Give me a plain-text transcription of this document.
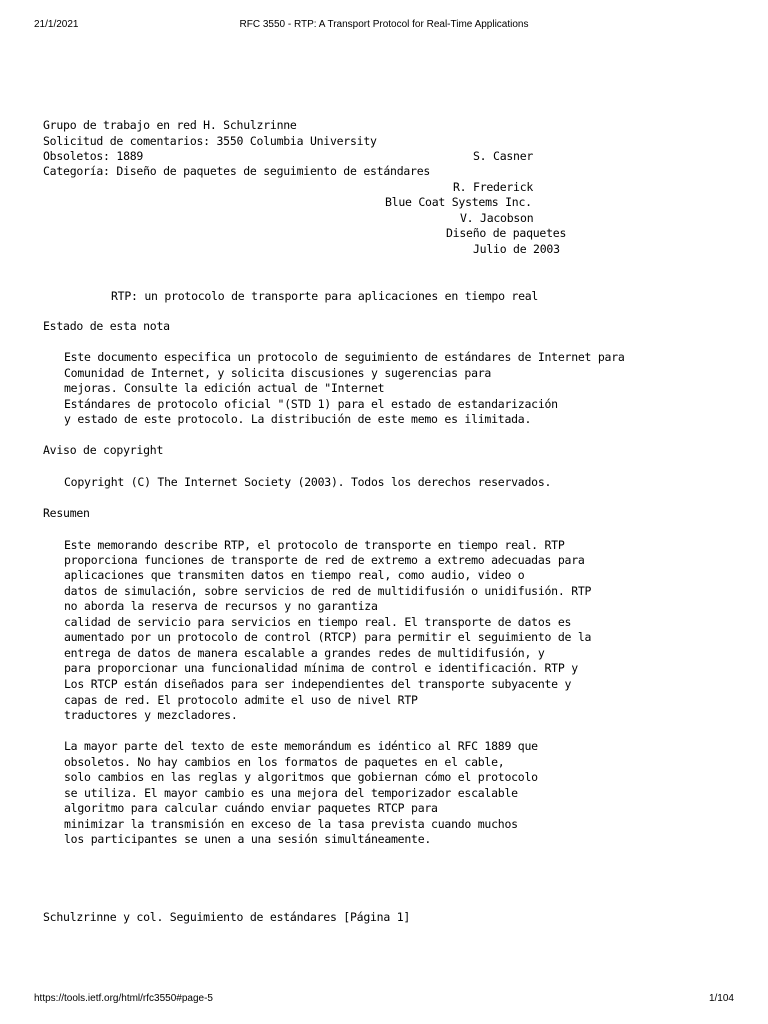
21/1/2021	RFC 3550 - RTP: A Transport Protocol for Real-Time Applications
https://tools.ietf.org/html/rfc3550#page-5	1/104
Grupo de trabajo en red H. Schulzrinne
Solicitud de comentarios: 3550 Columbia University
Obsoletos: 1889	S. Casner
Categoría: Diseño de paquetes de seguimiento de estándares
R. Frederick
Blue Coat Systems Inc.
V. Jacobson
Diseño de paquetes
Julio de 2003
RTP: un protocolo de transporte para aplicaciones en tiempo real
Estado de esta nota
Este documento especifica un protocolo de seguimiento de estándares de Internet para
Comunidad de Internet, y solicita discusiones y sugerencias para
mejoras. Consulte la edición actual de "Internet
Estándares de protocolo oficial "(STD 1) para el estado de estandarización
y estado de este protocolo. La distribución de este memo es ilimitada.
Aviso de copyright
Copyright (C) The Internet Society (2003). Todos los derechos reservados.
Resumen
Este memorando describe RTP, el protocolo de transporte en tiempo real. RTP
proporciona funciones de transporte de red de extremo a extremo adecuadas para
aplicaciones que transmiten datos en tiempo real, como audio, video o
datos de simulación, sobre servicios de red de multidifusión o unidifusión. RTP
no aborda la reserva de recursos y no garantiza
calidad de servicio para servicios en tiempo real. El transporte de datos es
aumentado por un protocolo de control (RTCP) para permitir el seguimiento de la
entrega de datos de manera escalable a grandes redes de multidifusión, y
para proporcionar una funcionalidad mínima de control e identificación. RTP y
Los RTCP están diseñados para ser independientes del transporte subyacente y
capas de red. El protocolo admite el uso de nivel RTP
traductores y mezcladores.
La mayor parte del texto de este memorándum es idéntico al RFC 1889 que
obsoletos. No hay cambios en los formatos de paquetes en el cable,
solo cambios en las reglas y algoritmos que gobiernan cómo el protocolo
se utiliza. El mayor cambio es una mejora del temporizador escalable
algoritmo para calcular cuándo enviar paquetes RTCP para
minimizar la transmisión en exceso de la tasa prevista cuando muchos
los participantes se unen a una sesión simultáneamente.
Schulzrinne y col. Seguimiento de estándares [Página 1]
